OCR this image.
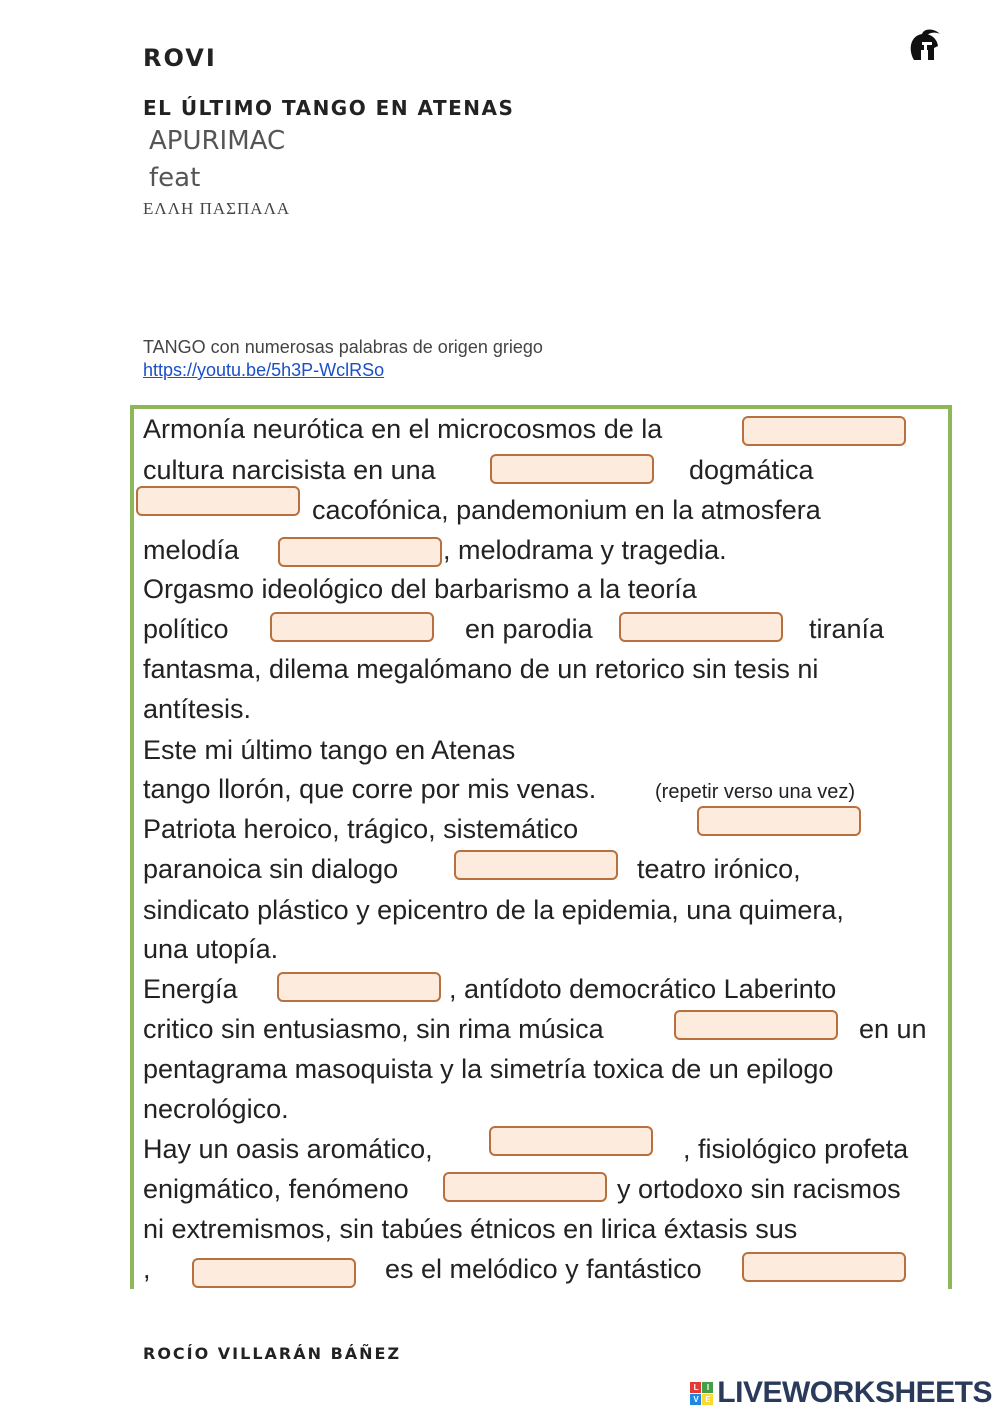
ROVI
EL ÚLTIMO TANGO EN ATENAS
APURIMAC
feat
ΕΛΛΗ ΠΑΣΠΑΛΑ
TANGO con numerosas palabras de origen griego
https://youtu.be/5h3P-WclRSo
Armonía neurótica en el microcosmos de la
cultura narcisista en una	dogmática
cacofónica, pandemonium en la atmosfera
melodía	, melodrama y tragedia.
Orgasmo ideológico del barbarismo a la teoría
político	en parodia	tiranía
fantasma, dilema megalómano de un retorico sin tesis ni
antítesis.
Este mi último tango en Atenas
tango llorón, que corre por mis venas.	(repetir verso una vez)
Patriota heroico, trágico, sistemático
paranoica sin dialogo	teatro irónico,
sindicato plástico y epicentro de la epidemia, una quimera,
una utopía.
Energía	, antídoto democrático Laberinto
critico sin entusiasmo, sin rima música	en un
pentagrama masoquista y la simetría toxica de un epilogo
necrológico.
Hay un oasis aromático,	, fisiológico profeta
enigmático, fenómeno	y ortodoxo sin racismos
ni extremismos, sin tabúes étnicos en lirica éxtasis sus
,	es el melódico y fantástico
ROCÍO VILLARÁN BÁÑEZ
L	I
V E LIVEWORKSHEETS
